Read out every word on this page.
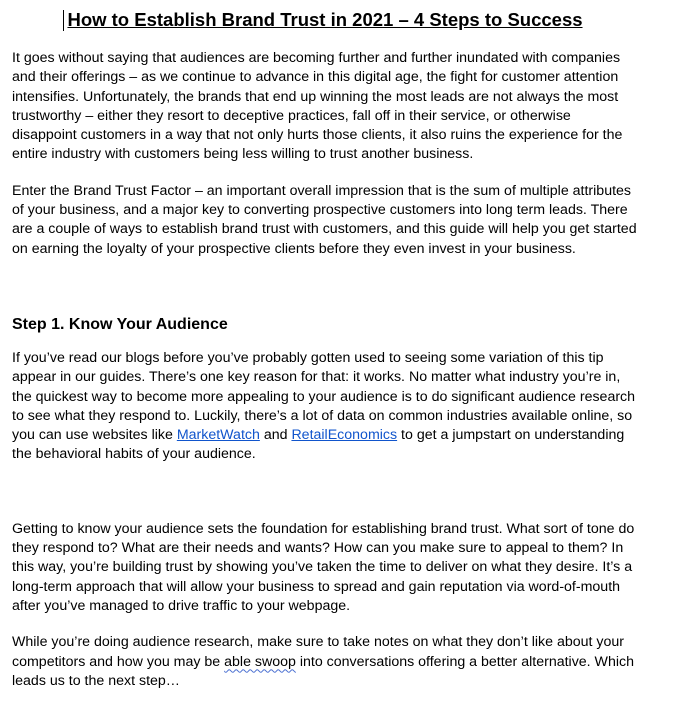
How to Establish Brand Trust in 2021 – 4 Steps to Success

It goes without saying that audiences are becoming further and further inundated with companies and their offerings – as we continue to advance in this digital age, the fight for customer attention intensifies. Unfortunately, the brands that end up winning the most leads are not always the most trustworthy – either they resort to deceptive practices, fall off in their service, or otherwise disappoint customers in a way that not only hurts those clients, it also ruins the experience for the entire industry with customers being less willing to trust another business.

Enter the Brand Trust Factor – an important overall impression that is the sum of multiple attributes of your business, and a major key to converting prospective customers into long term leads. There are a couple of ways to establish brand trust with customers, and this guide will help you get started on earning the loyalty of your prospective clients before they even invest in your business.

Step 1. Know Your Audience

If you’ve read our blogs before you’ve probably gotten used to seeing some variation of this tip appear in our guides. There’s one key reason for that: it works. No matter what industry you’re in, the quickest way to become more appealing to your audience is to do significant audience research to see what they respond to. Luckily, there’s a lot of data on common industries available online, so you can use websites like MarketWatch and RetailEconomics to get a jumpstart on understanding the behavioral habits of your audience.

Getting to know your audience sets the foundation for establishing brand trust. What sort of tone do they respond to? What are their needs and wants? How can you make sure to appeal to them? In this way, you’re building trust by showing you’ve taken the time to deliver on what they desire. It’s a long-term approach that will allow your business to spread and gain reputation via word-of-mouth after you’ve managed to drive traffic to your webpage.

While you’re doing audience research, make sure to take notes on what they don’t like about your competitors and how you may be able swoop into conversations offering a better alternative. Which leads us to the next step…
